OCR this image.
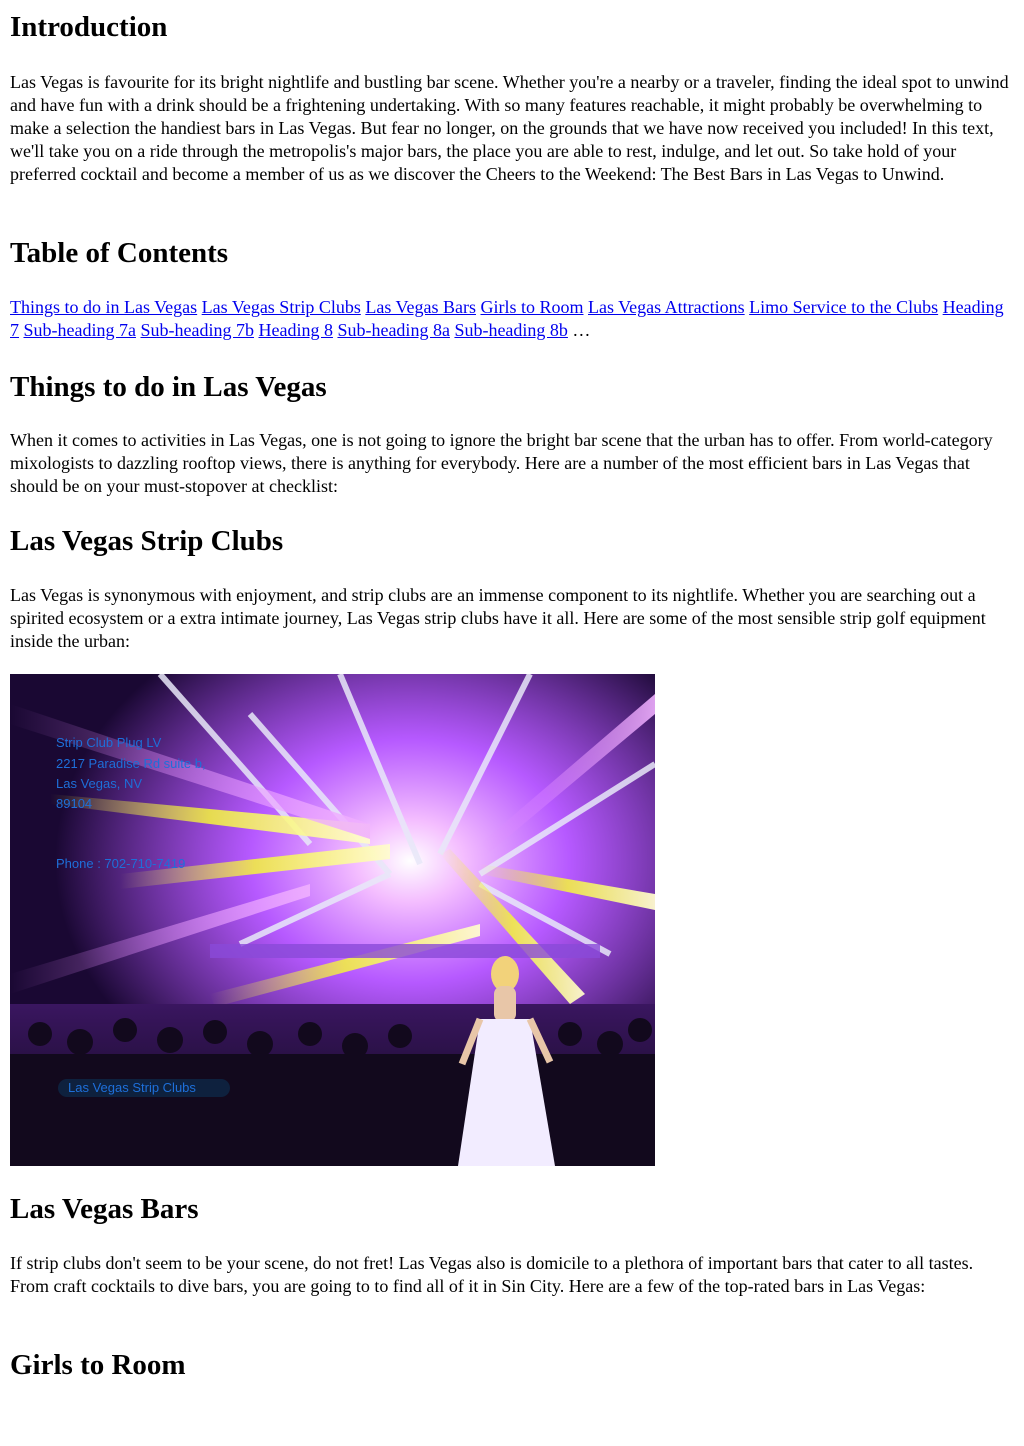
Introduction

Las Vegas is favourite for its bright nightlife and bustling bar scene. Whether you're a nearby or a traveler, finding the ideal spot to unwind and have fun with a drink should be a frightening undertaking. With so many features reachable, it might probably be overwhelming to make a selection the handiest bars in Las Vegas. But fear no longer, on the grounds that we have now received you included! In this text, we'll take you on a ride through the metropolis's major bars, the place you are able to rest, indulge, and let out. So take hold of your preferred cocktail and become a member of us as we discover the Cheers to the Weekend: The Best Bars in Las Vegas to Unwind.

Table of Contents
Things to do in Las Vegas Las Vegas Strip Clubs Las Vegas Bars Girls to Room Las Vegas Attractions Limo Service to the Clubs Heading 7 Sub-heading 7a Sub-heading 7b Heading 8 Sub-heading 8a Sub-heading 8b …
Things to do in Las Vegas

When it comes to activities in Las Vegas, one is not going to ignore the bright bar scene that the urban has to offer. From world-category mixologists to dazzling rooftop views, there is anything for everybody. Here are a number of the most efficient bars in Las Vegas that should be on your must-stopover at checklist:

Las Vegas Strip Clubs

Las Vegas is synonymous with enjoyment, and strip clubs are an immense component to its nightlife. Whether you are searching out a spirited ecosystem or a extra intimate journey, Las Vegas strip clubs have it all. Here are some of the most sensible strip golf equipment inside the urban:

Strip Club Plug LV
2217 Paradise Rd suite b,
Las Vegas, NV
89104
Phone : 702-710-7419
Las Vegas Strip Clubs
Las Vegas Bars

If strip clubs don't seem to be your scene, do not fret! Las Vegas also is domicile to a plethora of important bars that cater to all tastes. From craft cocktails to dive bars, you are going to to find all of it in Sin City. Here are a few of the top-rated bars in Las Vegas:

Girls to Room
